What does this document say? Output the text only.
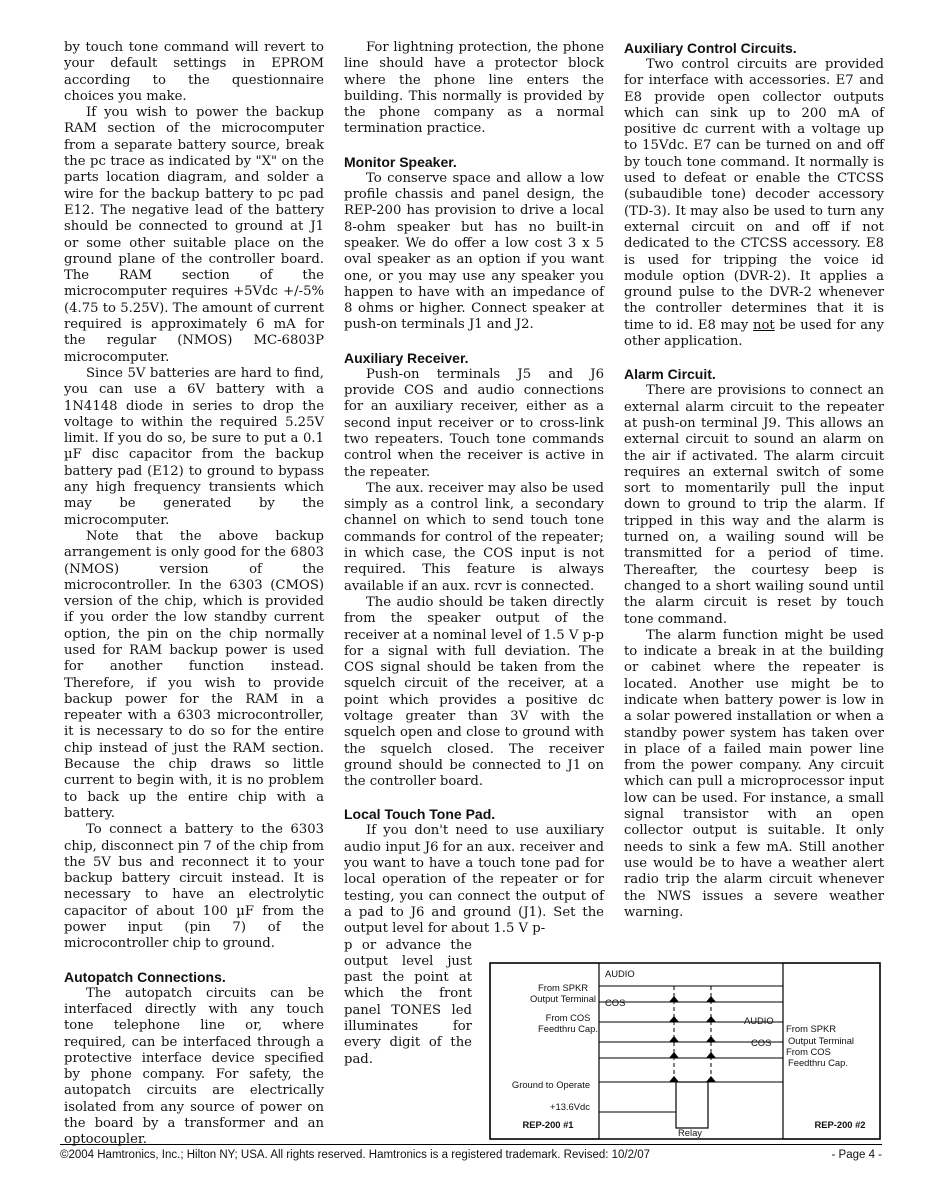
by touch tone command will revert to your default settings in EPROM according to the questionnaire choices you make.

If you wish to power the backup RAM section of the microcomputer from a separate battery source, break the pc trace as indicated by "X" on the parts location diagram, and solder a wire for the backup battery to pc pad E12. The negative lead of the battery should be connected to ground at J1 or some other suitable place on the ground plane of the controller board. The RAM section of the microcomputer requires +5Vdc +/-5% (4.75 to 5.25V). The amount of current required is approximately 6 mA for the regular (NMOS) MC-6803P microcomputer.

Since 5V batteries are hard to find, you can use a 6V battery with a 1N4148 diode in series to drop the voltage to within the required 5.25V limit. If you do so, be sure to put a 0.1 µF disc capacitor from the backup battery pad (E12) to ground to bypass any high frequency transients which may be generated by the microcomputer.

Note that the above backup arrangement is only good for the 6803 (NMOS) version of the microcontroller. In the 6303 (CMOS) version of the chip, which is provided if you order the low standby current option, the pin on the chip normally used for RAM backup power is used for another function instead. Therefore, if you wish to provide backup power for the RAM in a repeater with a 6303 microcontroller, it is necessary to do so for the entire chip instead of just the RAM section. Because the chip draws so little current to begin with, it is no problem to back up the entire chip with a battery.

To connect a battery to the 6303 chip, disconnect pin 7 of the chip from the 5V bus and reconnect it to your backup battery circuit instead. It is necessary to have an electrolytic capacitor of about 100 µF from the power input (pin 7) of the microcontroller chip to ground.

Autopatch Connections.

The autopatch circuits can be interfaced directly with any touch tone telephone line or, where required, can be interfaced through a protective interface device specified by phone company. For safety, the autopatch circuits are electrically isolated from any source of power on the board by a transformer and an optocoupler.

For lightning protection, the phone line should have a protector block where the phone line enters the building. This normally is provided by the phone company as a normal termination practice.

Monitor Speaker.

To conserve space and allow a low profile chassis and panel design, the REP-200 has provision to drive a local 8-ohm speaker but has no built-in speaker. We do offer a low cost 3 x 5 oval speaker as an option if you want one, or you may use any speaker you happen to have with an impedance of 8 ohms or higher. Connect speaker at push-on terminals J1 and J2.

Auxiliary Receiver.

Push-on terminals J5 and J6 provide COS and audio connections for an auxiliary receiver, either as a second input receiver or to cross-link two repeaters. Touch tone commands control when the receiver is active in the repeater.

The aux. receiver may also be used simply as a control link, a secondary channel on which to send touch tone commands for control of the repeater; in which case, the COS input is not required. This feature is always available if an aux. rcvr is connected.

The audio should be taken directly from the speaker output of the receiver at a nominal level of 1.5 V p-p for a signal with full deviation. The COS signal should be taken from the squelch circuit of the receiver, at a point which provides a positive dc voltage greater than 3V with the squelch open and close to ground with the squelch closed. The receiver ground should be connected to J1 on the controller board.

Local Touch Tone Pad.

If you don't need to use auxiliary audio input J6 for an aux. receiver and you want to have a touch tone pad for local operation of the repeater or for testing, you can connect the output of a pad to J6 and ground (J1). Set the output level for about 1.5 V p-

p or advance the output level just past the point at which the front panel TONES led illuminates for every digit of the pad.

Auxiliary Control Circuits.

Two control circuits are provided for interface with accessories. E7 and E8 provide open collector outputs which can sink up to 200 mA of positive dc current with a voltage up to 15Vdc. E7 can be turned on and off by touch tone command. It normally is used to defeat or enable the CTCSS (subaudible tone) decoder accessory (TD-3). It may also be used to turn any external circuit on and off if not dedicated to the CTCSS accessory. E8 is used for tripping the voice id module option (DVR-2). It applies a ground pulse to the DVR-2 whenever the controller determines that it is time to id. E8 may not be used for any other application.

Alarm Circuit.

There are provisions to connect an external alarm circuit to the repeater at push-on terminal J9. This allows an external circuit to sound an alarm on the air if activated. The alarm circuit requires an external switch of some sort to momentarily pull the input down to ground to trip the alarm. If tripped in this way and the alarm is turned on, a wailing sound will be transmitted for a period of time. Thereafter, the courtesy beep is changed to a short wailing sound until the alarm circuit is reset by touch tone command.

The alarm function might be used to indicate a break in at the building or cabinet where the repeater is located. Another use might be to indicate when battery power is low in a solar powered installation or when a standby power system has taken over in place of a failed main power line from the power company. Any circuit which can pull a microprocessor input low can be used. For instance, a small signal transistor with an open collector output is suitable. It only needs to sink a few mA. Still another use would be to have a weather alert radio trip the alarm circuit whenever the NWS issues a severe weather warning.

From SPKR
Output Terminal
From COS
Feedthru Cap.
Ground to Operate
+13.6Vdc
REP-200 #1
AUDIO
COS
AUDIO
COS
From SPKR
Output Terminal
From COS
Feedthru Cap.
Relay
REP-200 #2
©2004 Hamtronics, Inc.; Hilton NY; USA. All rights reserved. Hamtronics is a registered trademark. Revised: 10/2/07	- Page 4 -
